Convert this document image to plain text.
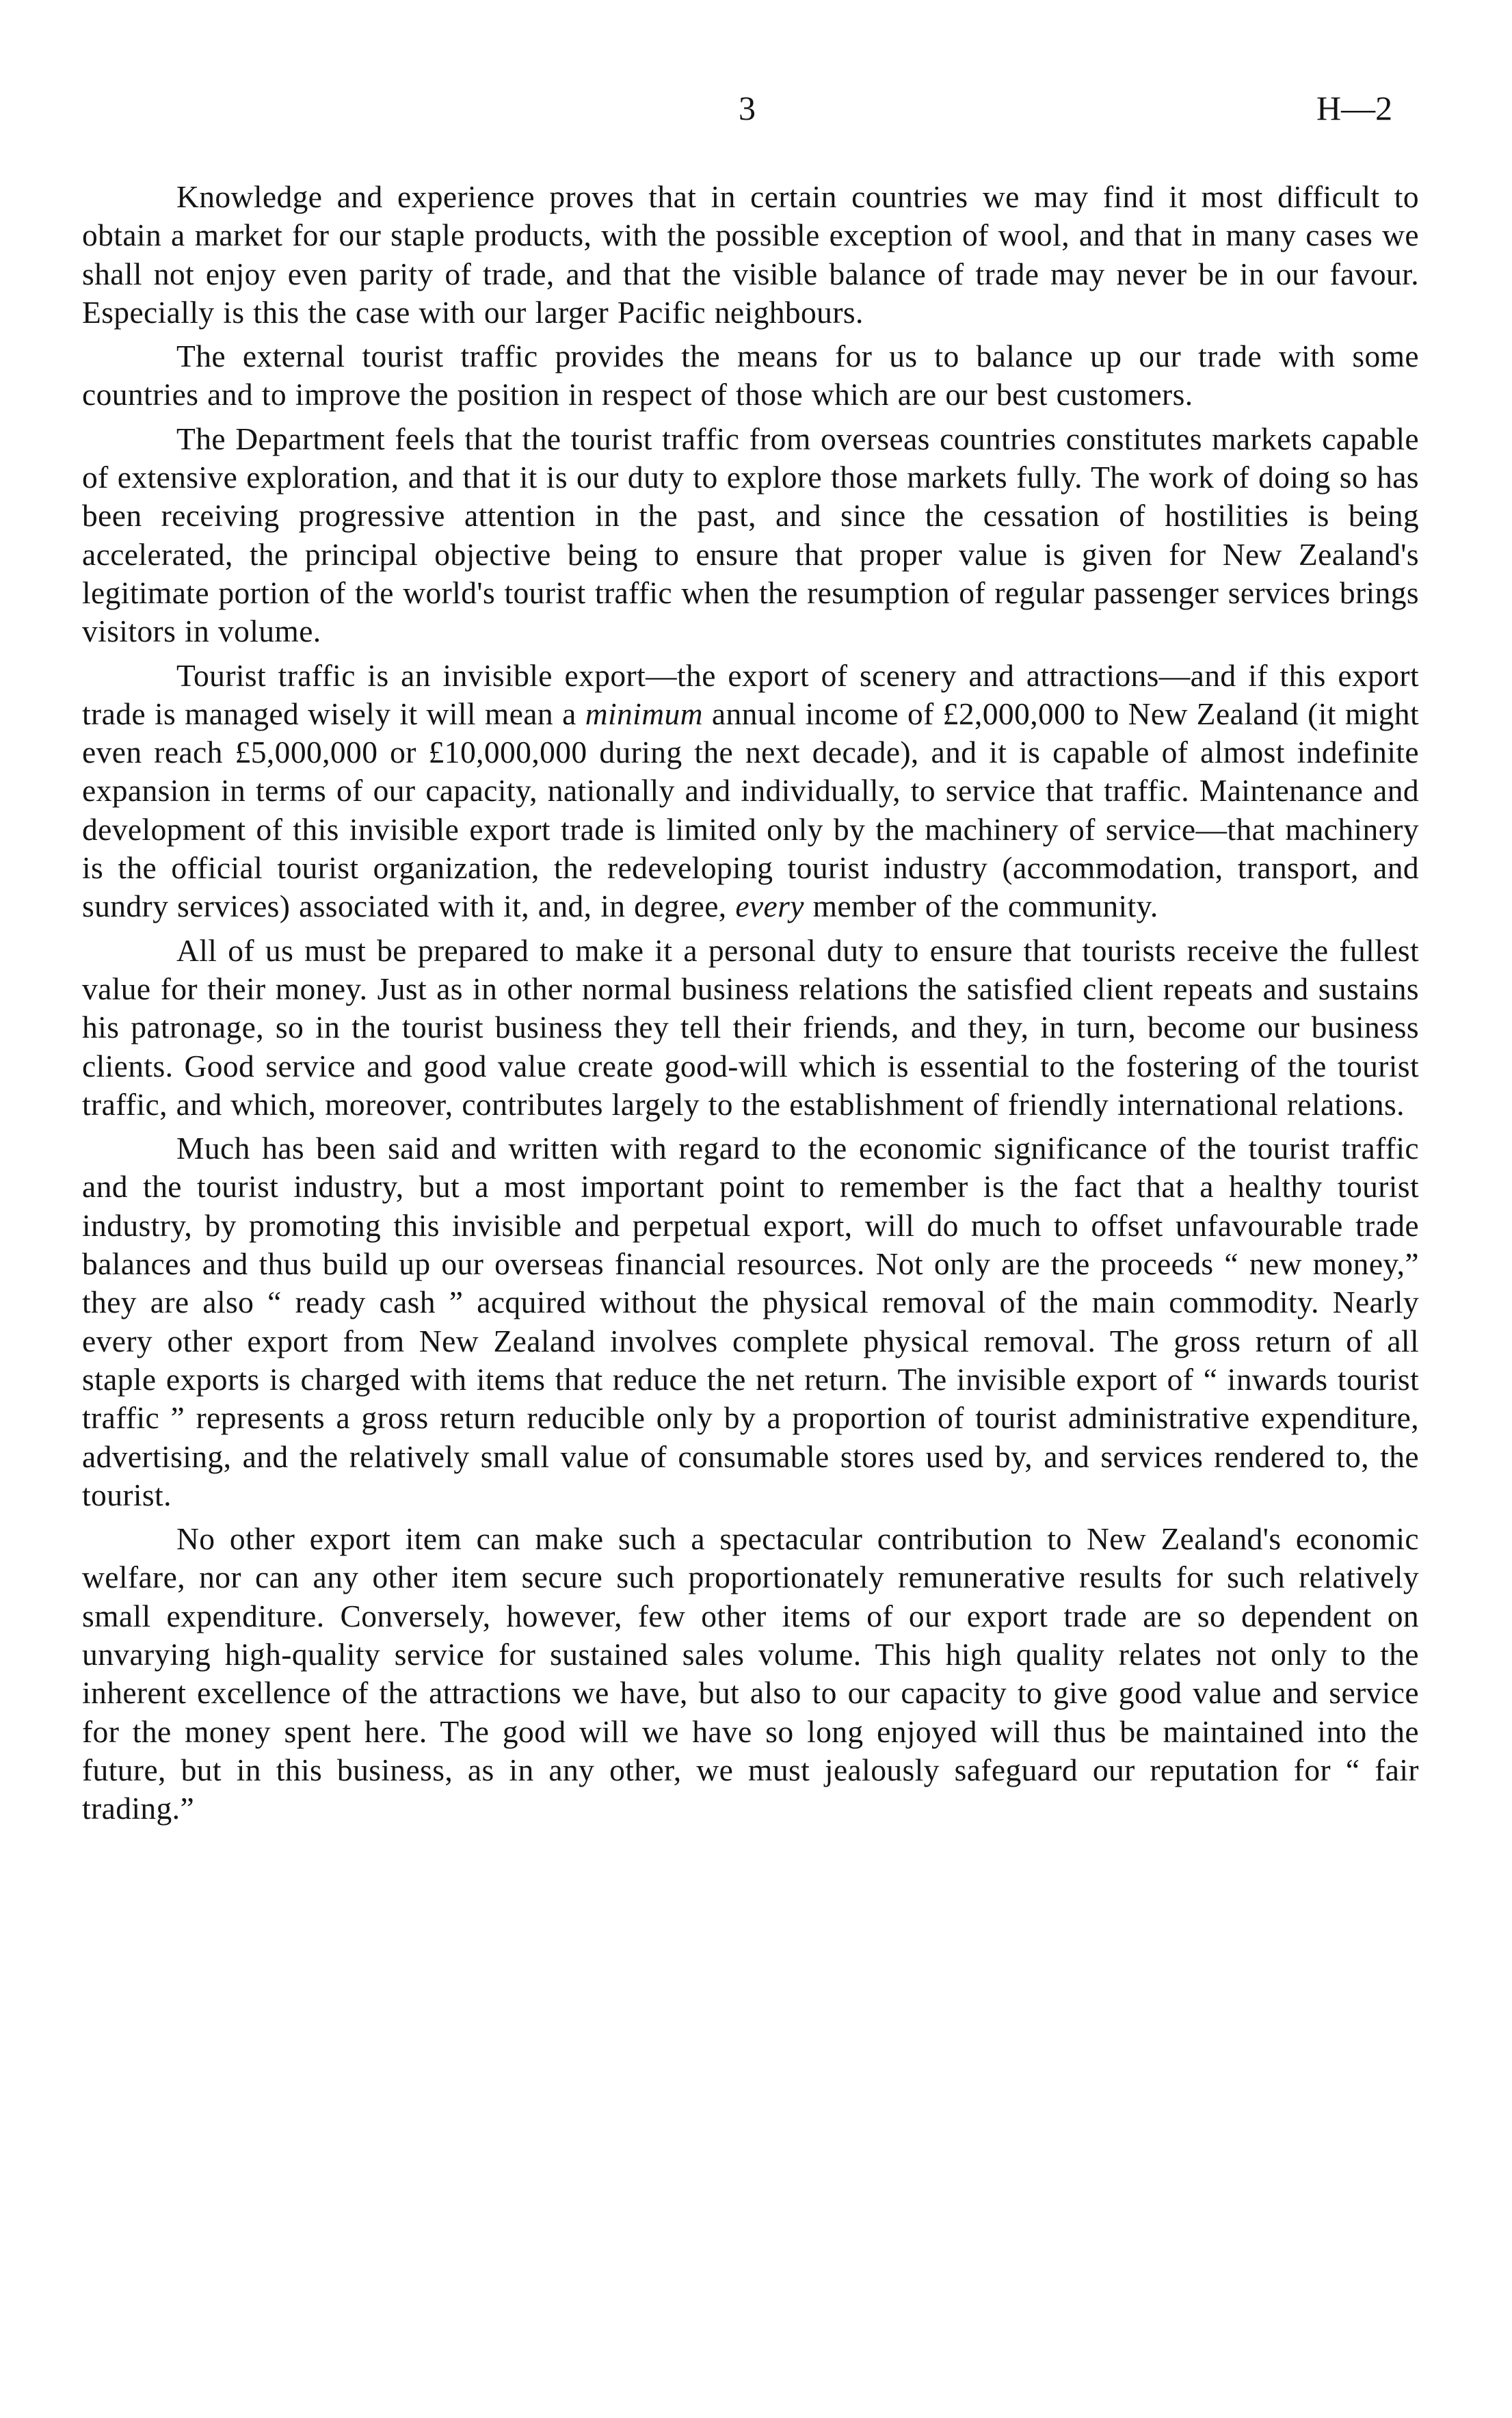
3	H—2

Knowledge and experience proves that in certain countries we may find it most difficult to obtain a market for our staple products, with the possible exception of wool, and that in many cases we shall not enjoy even parity of trade, and that the visible balance of trade may never be in our favour. Especially is this the case with our larger Pacific neighbours.

The external tourist traffic provides the means for us to balance up our trade with some countries and to improve the position in respect of those which are our best customers.

The Department feels that the tourist traffic from overseas countries constitutes markets capable of extensive exploration, and that it is our duty to explore those markets fully. The work of doing so has been receiving progressive attention in the past, and since the cessation of hostilities is being accelerated, the principal objective being to ensure that proper value is given for New Zealand's legitimate portion of the world's tourist traffic when the resumption of regular passenger services brings visitors in volume.

Tourist traffic is an invisible export—the export of scenery and attractions—and if this export trade is managed wisely it will mean a minimum annual income of £2,000,000 to New Zealand (it might even reach £5,000,000 or £10,000,000 during the next decade), and it is capable of almost indefinite expansion in terms of our capacity, nationally and individually, to service that traffic. Maintenance and development of this invisible export trade is limited only by the machinery of service—that machinery is the official tourist organization, the redeveloping tourist industry (accommodation, transport, and sundry services) associated with it, and, in degree, every member of the community.

All of us must be prepared to make it a personal duty to ensure that tourists receive the fullest value for their money. Just as in other normal business relations the satisfied client repeats and sustains his patronage, so in the tourist business they tell their friends, and they, in turn, become our business clients. Good service and good value create good-will which is essential to the fostering of the tourist traffic, and which, moreover, contributes largely to the establishment of friendly international relations.

Much has been said and written with regard to the economic significance of the tourist traffic and the tourist industry, but a most important point to remember is the fact that a healthy tourist industry, by promoting this invisible and perpetual export, will do much to offset unfavourable trade balances and thus build up our overseas financial resources. Not only are the proceeds “ new money,” they are also “ ready cash ” acquired without the physical removal of the main commodity. Nearly every other export from New Zealand involves complete physical removal. The gross return of all staple exports is charged with items that reduce the net return. The invisible export of “ inwards tourist traffic ” represents a gross return reducible only by a proportion of tourist administrative expenditure, advertising, and the relatively small value of consumable stores used by, and services rendered to, the tourist.

No other export item can make such a spectacular contribution to New Zealand's economic welfare, nor can any other item secure such proportionately remunerative results for such relatively small expenditure. Conversely, however, few other items of our export trade are so dependent on unvarying high-quality service for sustained sales volume. This high quality relates not only to the inherent excellence of the attractions we have, but also to our capacity to give good value and service for the money spent here. The good will we have so long enjoyed will thus be maintained into the future, but in this business, as in any other, we must jealously safeguard our reputation for “ fair trading.”
